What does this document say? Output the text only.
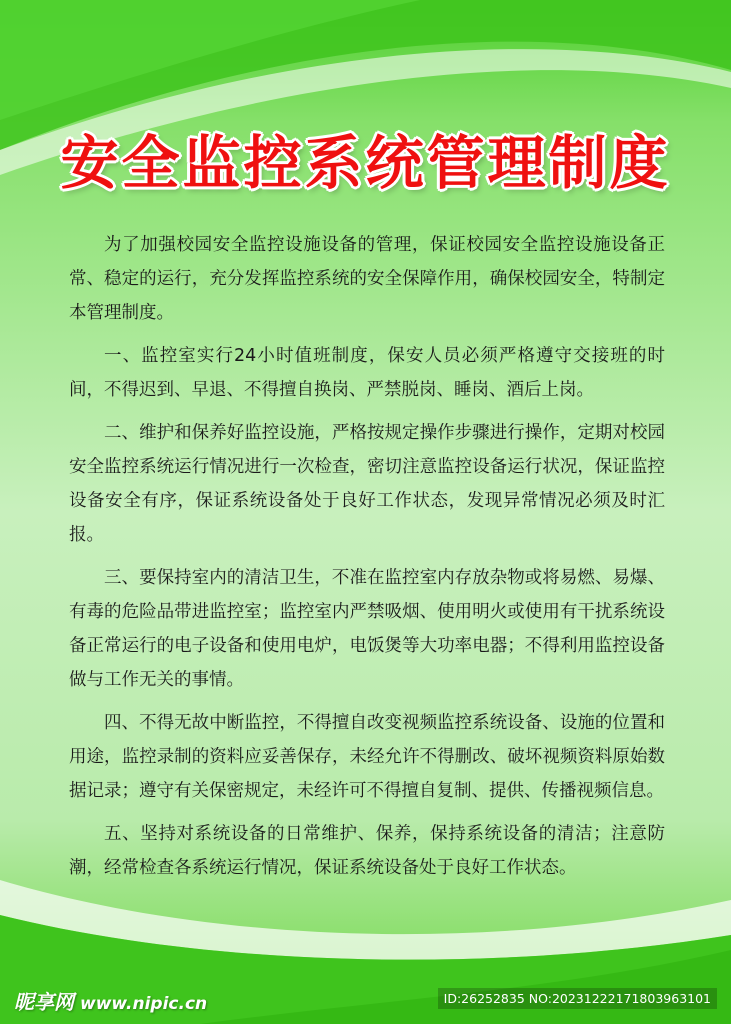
安全监控系统管理制度

为了加强校园安全监控设施设备的管理，保证校园安全监控设施设备正常、稳定的运行，充分发挥监控系统的安全保障作用，确保校园安全，特制定本管理制度。

一、监控室实行24小时值班制度，保安人员必须严格遵守交接班的时间，不得迟到、早退、不得擅自换岗、严禁脱岗、睡岗、酒后上岗。

二、维护和保养好监控设施，严格按规定操作步骤进行操作，定期对校园安全监控系统运行情况进行一次检查，密切注意监控设备运行状况，保证监控设备安全有序，保证系统设备处于良好工作状态，发现异常情况必须及时汇报。

三、要保持室内的清洁卫生，不准在监控室内存放杂物或将易燃、易爆、有毒的危险品带进监控室；监控室内严禁吸烟、使用明火或使用有干扰系统设备正常运行的电子设备和使用电炉，电饭煲等大功率电器；不得利用监控设备做与工作无关的事情。

四、不得无故中断监控，不得擅自改变视频监控系统设备、设施的位置和用途，监控录制的资料应妥善保存，未经允许不得删改、破坏视频资料原始数据记录；遵守有关保密规定，未经许可不得擅自复制、提供、传播视频信息。

五、坚持对系统设备的日常维护、保养，保持系统设备的清洁；注意防潮，经常检查各系统运行情况，保证系统设备处于良好工作状态。

昵享网 www.nipic.cn	ID:26252835 NO:20231222171803963101
